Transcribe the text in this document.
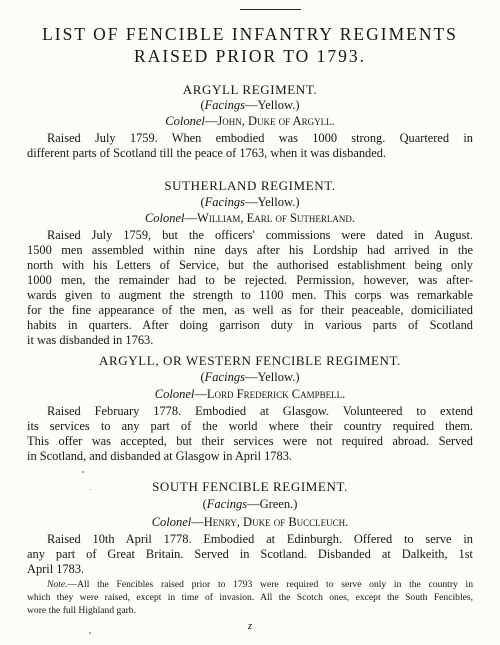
LIST OF FENCIBLE INFANTRY REGIMENTS
RAISED PRIOR TO 1793.
ARGYLL REGIMENT.
(Facings—Yellow.)
Colonel—John, Duke of Argyll.
Raised July 1759. When embodied was 1000 strong. Quartered in
different parts of Scotland till the peace of 1763, when it was disbanded.
SUTHERLAND REGIMENT.
(Facings—Yellow.)
Colonel—William, Earl of Sutherland.
Raised July 1759, but the officers' commissions were dated in August.
1500 men assembled within nine days after his Lordship had arrived in the
north with his Letters of Service, but the authorised establishment being only
1000 men, the remainder had to be rejected. Permission, however, was after-
wards given to augment the strength to 1100 men. This corps was remarkable
for the fine appearance of the men, as well as for their peaceable, domiciliated
habits in quarters. After doing garrison duty in various parts of Scotland
it was disbanded in 1763.
ARGYLL, OR WESTERN FENCIBLE REGIMENT.
(Facings—Yellow.)
Colonel—Lord Frederick Campbell.
Raised February 1778. Embodied at Glasgow. Volunteered to extend
its services to any part of the world where their country required them.
This offer was accepted, but their services were not required abroad. Served
in Scotland, and disbanded at Glasgow in April 1783.
SOUTH FENCIBLE REGIMENT.
(Facings—Green.)
Colonel—Henry, Duke of Buccleuch.
Raised 10th April 1778. Embodied at Edinburgh. Offered to serve in
any part of Great Britain. Served in Scotland. Disbanded at Dalkeith, 1st
April 1783.
Note.—All the Fencibles raised prior to 1793 were required to serve only in the country in
which they were raised, except in time of invasion. All the Scotch ones, except the South Fencibles,
wore the full Highland garb.
z
